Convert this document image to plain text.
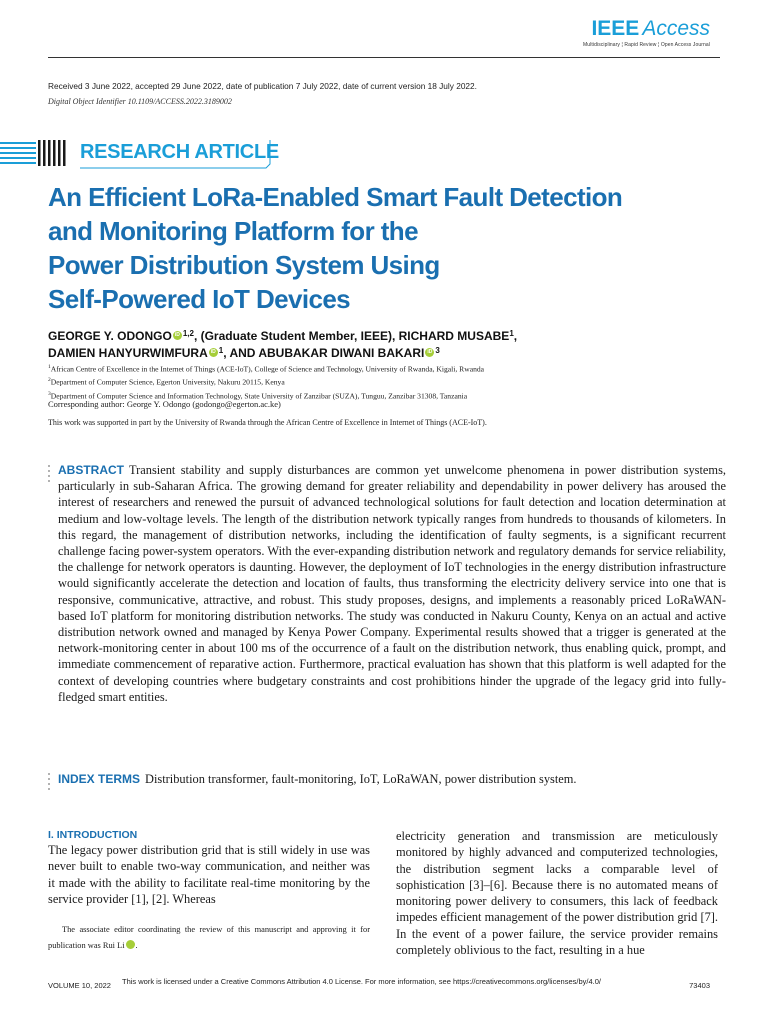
IEEE Access
Multidisciplinary ¦ Rapid Review ¦ Open Access Journal
Received 3 June 2022, accepted 29 June 2022, date of publication 7 July 2022, date of current version 18 July 2022.
Digital Object Identifier 10.1109/ACCESS.2022.3189002
RESEARCH ARTICLE
An Efficient LoRa-Enabled Smart Fault Detection
and Monitoring Platform for the
Power Distribution System Using
Self-Powered IoT Devices
GEORGE Y. ODONGO iD $^{1,2}$, (Graduate Student Member, IEEE), RICHARD MUSABE$^1$,
DAMIEN HANYURWIMFURA iD $^1$, AND ABUBAKAR DIWANI BAKARI iD $^3$
$^1$African Centre of Excellence in the Internet of Things (ACE-IoT), College of Science and Technology, University of Rwanda, Kigali, Rwanda
$^2$Department of Computer Science, Egerton University, Nakuru 20115, Kenya
$^3$Department of Computer Science and Information Technology, State University of Zanzibar (SUZA), Tunguu, Zanzibar 31308, Tanzania
Corresponding author: George Y. Odongo (godongo@egerton.ac.ke)
This work was supported in part by the University of Rwanda through the African Centre of Excellence in Internet of Things (ACE-IoT).
ABSTRACT Transient stability and supply disturbances are common yet unwelcome phenomena in power distribution systems, particularly in sub-Saharan Africa. The growing demand for greater reliability and dependability in power delivery has aroused the interest of researchers and renewed the pursuit of advanced technological solutions for fault detection and location determination at medium and low-voltage levels. The length of the distribution network typically ranges from hundreds to thousands of kilometers. In this regard, the management of distribution networks, including the identification of faulty segments, is a significant recurrent challenge facing power-system operators. With the ever-expanding distribution network and regulatory demands for service reliability, the challenge for network operators is daunting. However, the deployment of IoT technologies in the energy distribution infrastructure would significantly accelerate the detection and location of faults, thus transforming the electricity delivery service into one that is responsive, communicative, attractive, and robust. This study proposes, designs, and implements a reasonably priced LoRaWAN-based IoT platform for monitoring distribution networks. The study was conducted in Nakuru County, Kenya on an actual and active distribution network owned and managed by Kenya Power Company. Experimental results showed that a trigger is generated at the network-monitoring center in about 100 ms of the occurrence of a fault on the distribution network, thus enabling quick, prompt, and immediate commencement of reparative action. Furthermore, practical evaluation has shown that this platform is well adapted for the context of developing countries where budgetary constraints and cost prohibitions hinder the upgrade of the legacy grid into fully-fledged smart entities.
INDEX TERMS Distribution transformer, fault-monitoring, IoT, LoRaWAN, power distribution system.
I. INTRODUCTION

The legacy power distribution grid that is still widely in use was never built to enable two-way communication, and neither was it made with the ability to facilitate real-time monitoring by the service provider [1], [2]. Whereas

The associate editor coordinating the review of this manuscript and approving it for publication was Rui Li	iD.

electricity generation and transmission are meticulously monitored by highly advanced and computerized technologies, the distribution segment lacks a comparable level of sophistication [3]–[6]. Because there is no automated means of monitoring power delivery to consumers, this lack of feedback impedes efficient management of the power distribution grid [7]. In the event of a power failure, the service provider remains completely oblivious to the fact, resulting in a hue

VOLUME 10, 2022 This work is licensed under a Creative Commons Attribution 4.0 License. For more information, see https://creativecommons.org/licenses/by/4.0/	73403
